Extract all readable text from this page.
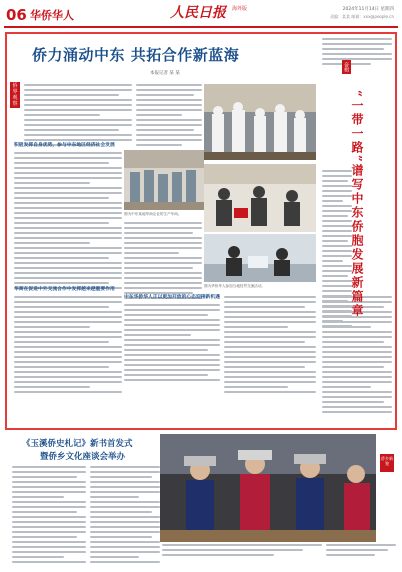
06 华侨华人	人民日报 海外版	2024年11月14日 星期四
责编：某某 邮箱：xxx@people.cn
侨力涌动中东 共拓合作新蓝海
本报记者 某 某
侨界观察
积极发挥自身优势，参与中东地区经济社会发展
图为中东某地华商企业的生产车间。
图为华侨华人参加当地经贸交流活动。
华商在促进中外交流合作中发挥越来越重要作用
中东华侨华人正以更加开放的心态迎接新机遇
奋楫
“一带一路”谱写中东侨胞发展新篇章
《玉溪侨史札记》新书首发式
暨侨乡文化座谈会举办	侨乡新貌
